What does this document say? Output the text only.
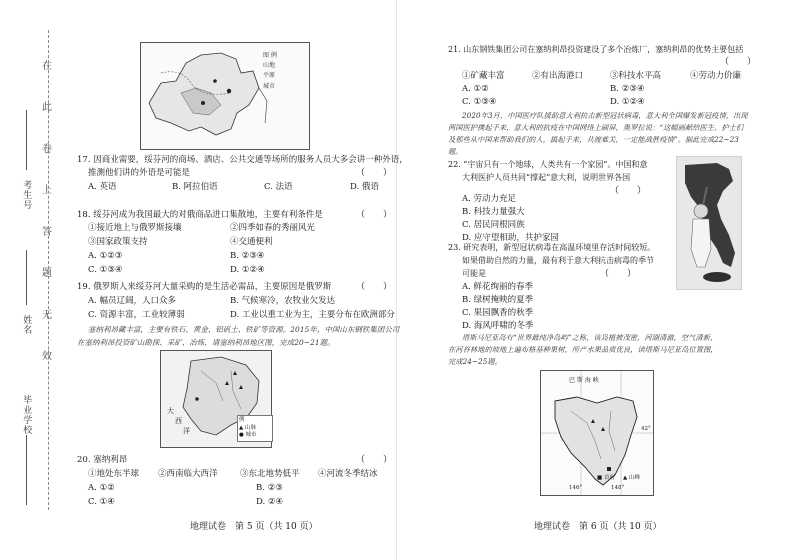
在
此
卷
上
答
题
无
效
考生号
姓名
毕业学校
图 例
山地
平原
城市
17. 因商业需要，绥芬河的商场、酒店、公共交通等场所的服务人员大多会讲一种外语，
推测他们讲的外语是可能是	（　　）
A. 英语	B. 阿拉伯语	C. 法语	D. 俄语
18. 绥芬河成为我国最大的对俄商品进口集散地，主要有利条件是	（　　）
①接近地上与俄罗斯接壤	②四季如春的秀丽风光
③国家政策支持	④交通便利
A. ①②③	B. ②③④
C. ①③④	D. ①②④
19. 俄罗斯人来绥芬河大量采购的是生活必需品，主要原因是俄罗斯	（　　）
A. 幅员辽阔，人口众多	B. 气候寒冷，农牧业欠发达
C. 资源丰富，工业较薄弱	D. 工业以重工业为主，主要分布在欧洲部分
塞纳利昂藏丰富，主要有铁石、黄金、铝矾土、铁矿等资源。2015年，中国山东钢铁集团公司
在塞纳利昂投资矿山勘探、采矿、冶炼，请塞纳利昂地区图，完成20~21题。
大
西
洋
例
▲ 山脉
● 城市
20. 塞纳利昂	（　　）
①地处东半球 ②西南临大西洋	③东北地势低平 ④河流冬季结冰
A. ①②	B. ②③
C. ①④	D. ②④
地理试卷　第 5 页（共 10 页）
21. 山东钢铁集团公司在塞纳利昂投资建设了多个冶炼厂，塞纳利昂的优势主要包括
（　　）
①矿藏丰富	②有出海港口	③科技水平高	④劳动力价廉
A. ①②	B. ②③④
C. ①③④	D. ①②④
2020年3月，中国医疗队援助意大利抗击新型冠状病毒，意大利全国爆发新冠疫情，出现
两国医护携起手来，意大利的抗疫在中国网络上刷屏，奥罗拉说：“这幅画献给医生、护士们
及那些从中国来帮助我们的人，搞起手来，共渡难关，一定能战胜疫情”。据此完成22~23
题。
22. “宇宙只有一个地球，人类共有一个家园”。中国和意
大利医护人员共同“撑起”意大利，说明世界各国
（　　）
A. 劳动力充足
B. 科技力量强大
C. 居民同根同族
D. 应守望相助，共护家园
23. 研究表明，新型冠状病毒在高温环境里存活时间较短。
如果借助自然的力量，最有利于意大利抗击病毒的季节
可能是	（　　）
A. 鲜花绚丽的春季
B. 绿树掩映的夏季
C. 果园飘香的秋季
D. 海风呼啸的冬季
塔斯马尼亚岛有“世界最纯净岛屿”之称，该岛植被茂密，河湖清澈，空气清新，
在河谷林地的坡地上遍布格基种果树，所产水果品质优良，读塔斯马尼亚岛位置图，
完成24~25题。
巴 斯 海 峡
146°	148°
42°
■ 首府 ▲ 山峰
地理试卷　第 6 页（共 10 页）
